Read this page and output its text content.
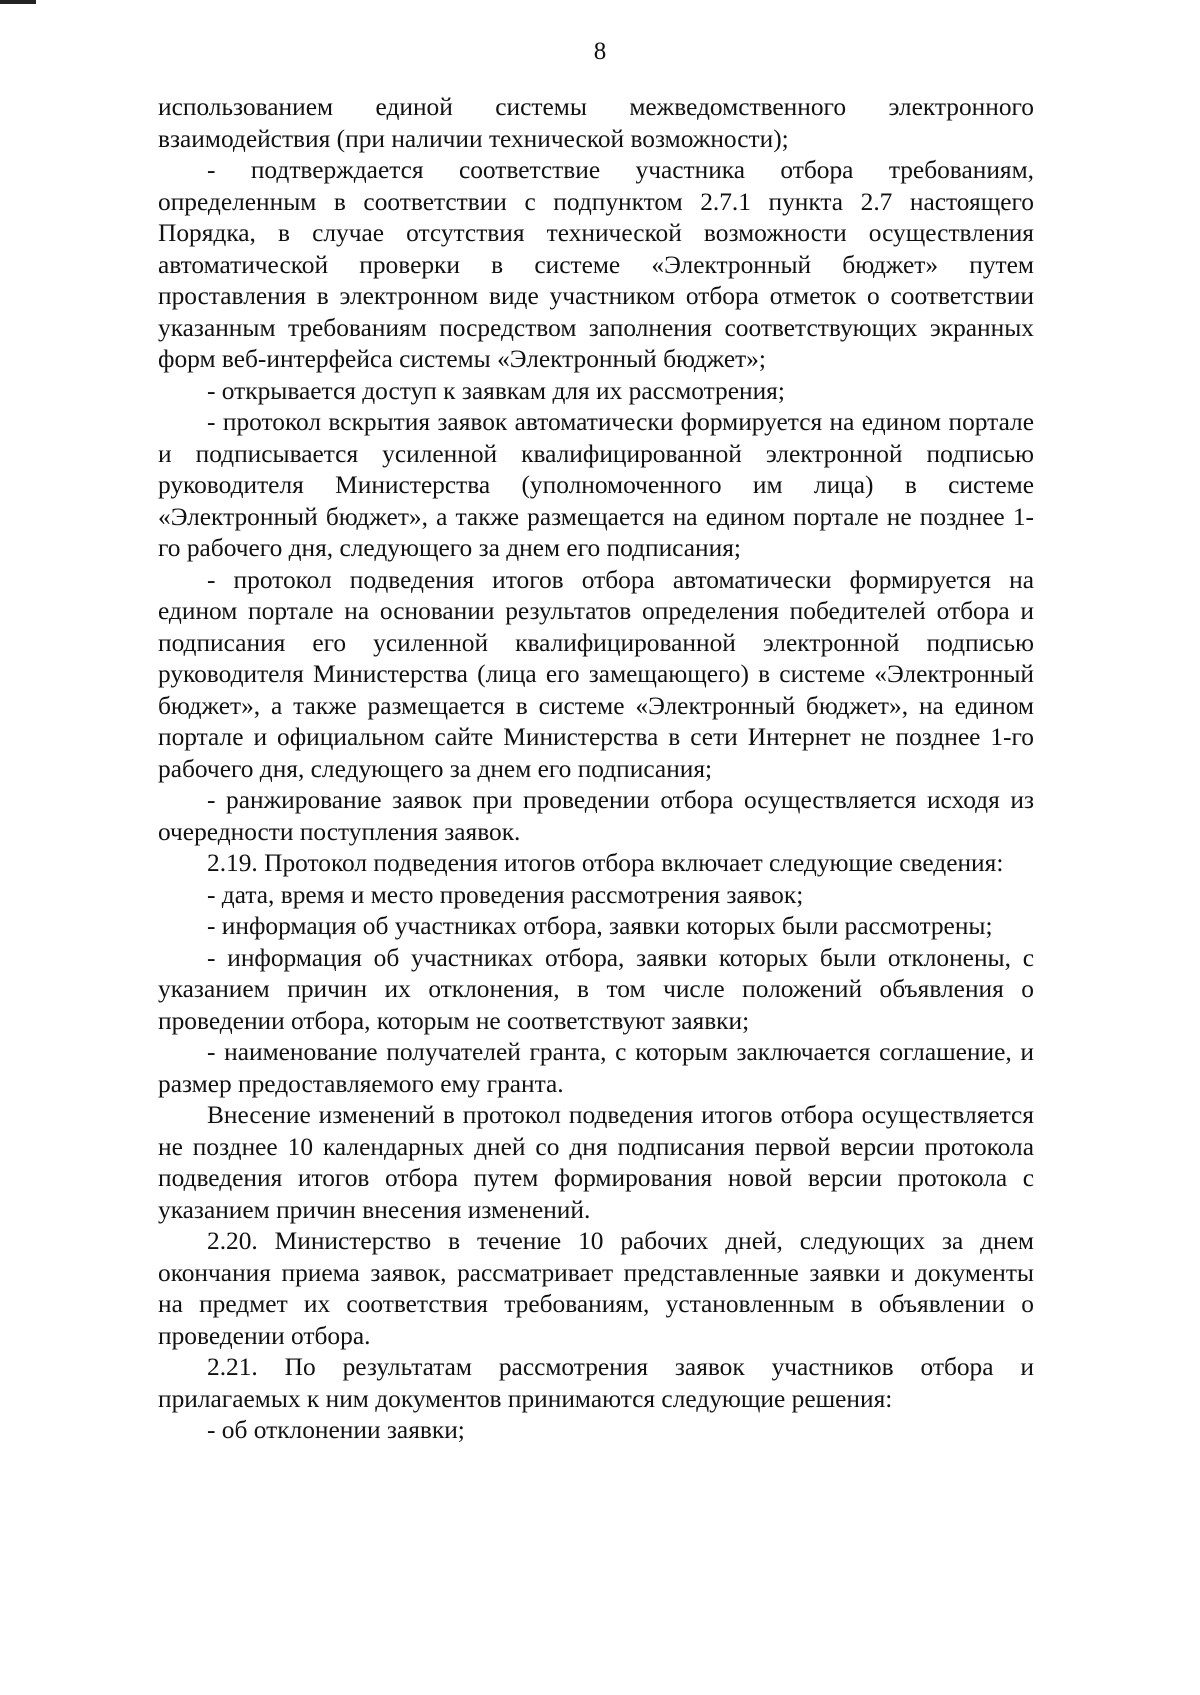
8

использованием единой системы межведомственного электронного взаимодействия (при наличии технической возможности);

- подтверждается соответствие участника отбора требованиям, определенным в соответствии с подпунктом 2.7.1 пункта 2.7 настоящего Порядка, в случае отсутствия технической возможности осуществления автоматической проверки в системе «Электронный бюджет» путем проставления в электронном виде участником отбора отметок о соответствии указанным требованиям посредством заполнения соответствующих экранных форм веб-интерфейса системы «Электронный бюджет»;

- открывается доступ к заявкам для их рассмотрения;

- протокол вскрытия заявок автоматически формируется на едином портале и подписывается усиленной квалифицированной электронной подписью руководителя Министерства (уполномоченного им лица) в системе «Электронный бюджет», а также размещается на едином портале не позднее 1-го рабочего дня, следующего за днем его подписания;

- протокол подведения итогов отбора автоматически формируется на едином портале на основании результатов определения победителей отбора и подписания его усиленной квалифицированной электронной подписью руководителя Министерства (лица его замещающего) в системе «Электронный бюджет», а также размещается в системе «Электронный бюджет», на едином портале и официальном сайте Министерства в сети Интернет не позднее 1-го рабочего дня, следующего за днем его подписания;

- ранжирование заявок при проведении отбора осуществляется исходя из очередности поступления заявок.

2.19. Протокол подведения итогов отбора включает следующие сведения:

- дата, время и место проведения рассмотрения заявок;

- информация об участниках отбора, заявки которых были рассмотрены;

- информация об участниках отбора, заявки которых были отклонены, с указанием причин их отклонения, в том числе положений объявления о проведении отбора, которым не соответствуют заявки;

- наименование получателей гранта, с которым заключается соглашение, и размер предоставляемого ему гранта.

Внесение изменений в протокол подведения итогов отбора осуществляется не позднее 10 календарных дней со дня подписания первой версии протокола подведения итогов отбора путем формирования новой версии протокола с указанием причин внесения изменений.

2.20. Министерство в течение 10 рабочих дней, следующих за днем окончания приема заявок, рассматривает представленные заявки и документы на предмет их соответствия требованиям, установленным в объявлении о проведении отбора.

2.21. По результатам рассмотрения заявок участников отбора и прилагаемых к ним документов принимаются следующие решения:

- об отклонении заявки;
